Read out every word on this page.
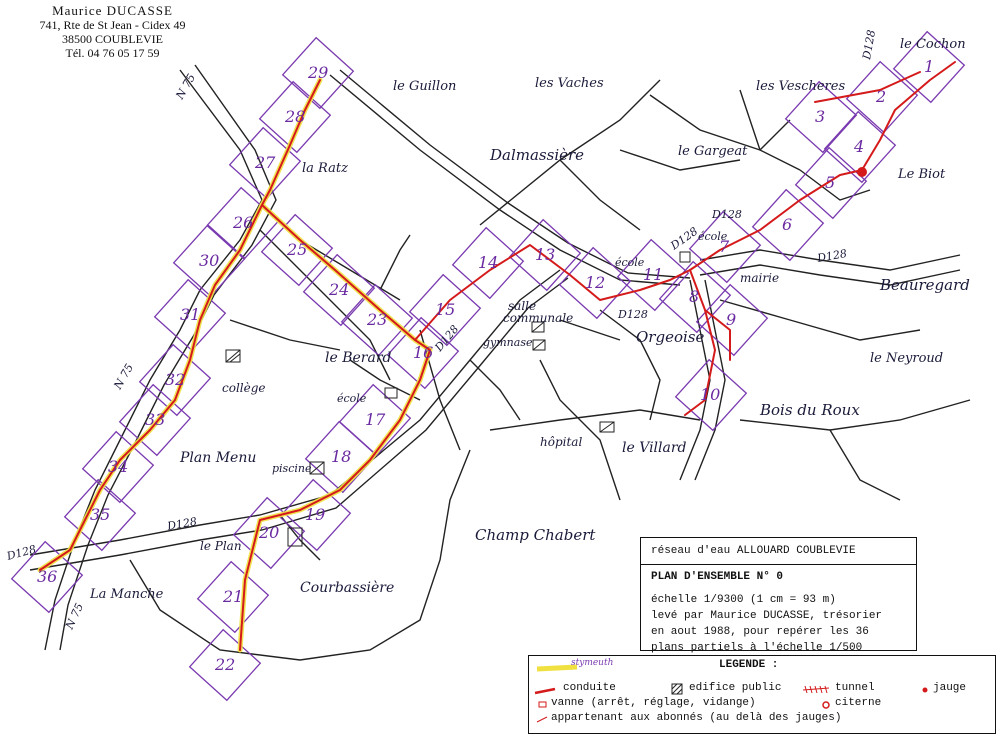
1
2
3
4
5
6
7
8
9
10
11
12
13
14
15
16
17
18
19
20
21
22
23
24
25
26
27
28
29
30
31
32
33
34
35
36
le Cochon
les Vescheres
le Guillon	les Vaches
le Gargeat
Dalmassière
Le Biot
la Ratz
Beauregard
le Neyroud
Bois du Roux
le Villard
hôpital
Orgeoise
mairie
école
école
école
salle
communale
gymnase
le Berard
collège
Plan Menu
piscine
Champ Chabert
le Plan
Courbassière
La Manche
N 75
N 75
N 75
D128
D128
D128
D128
D128
D128
D128
D128
Maurice DUCASSE
741, Rte de St Jean - Cidex 49
38500 COUBLEVIE
Tél. 04 76 05 17 59
réseau d'eau ALLOUARD COUBLEVIE
PLAN D'ENSEMBLE N° 0
échelle 1/9300 (1 cm = 93 m)
levé par Maurice DUCASSE, trésorier
en aout 1988, pour repérer les 36
plans partiels à l'échelle 1/500
stymeuth	LEGENDE :
conduite	edifice public	tunnel	jauge
vanne (arrêt, réglage, vidange)	citerne
appartenant aux abonnés (au delà des jauges)
